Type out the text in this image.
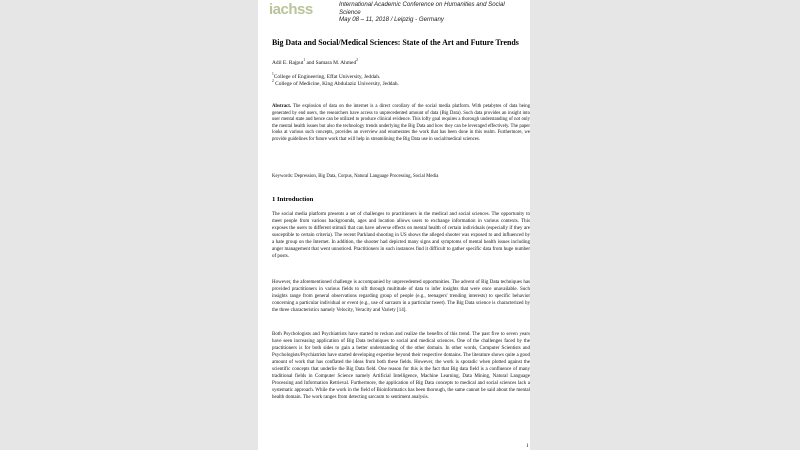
iachss	International Academic Conference on Humanities and Social
Science
May 08 – 11, 2018 / Leipzig - Germany
Big Data and Social/Medical Sciences: State of the Art and Future Trends
Adil E. Rajput$^1$ and Samara M. Ahmed$^2$
$^1$College of Engineering, Effat University, Jeddah.
$^2$ College of Medicine, King Abdulaziz University, Jeddah.
Abstract. The explosion of data on the internet is a direct corollary of the social media platform. With petabytes of data being generated by end users, the researchers have access to unprecedented amount of data (Big Data). Such data provides an insight into user mental state and hence can be utilized to produce clinical evidence. This lofty goal requires a thorough understanding of not only the mental health issues but also the technology trends underlying the Big Data and how they can be leveraged effectively. The paper looks at various such concepts, provides an overview and enumerates the work that has been done in this realm. Furthermore, we provide guidelines for future work that will help in streamlining the Big Data use in social/medical sciences.
Keywords: Depression, Big Data, Corpus, Natural Language Processing, Social Media
1 Introduction
The social media platform presents a set of challenges to practitioners in the medical and social sciences. The opportunity to meet people from various backgrounds, ages and location allows users to exchange information in various contexts. This exposes the users to different stimuli that can have adverse effects on mental health of certain individuals (especially if they are susceptible to certain criteria). The recent Parkland shooting in US shows the alleged shooter was exposed to and influenced by a hate group on the Internet. In addition, the shooter had depicted many signs and symptoms of mental health issues including anger management that went unnoticed. Practitioners in such instances find it difficult to gather specific data from huge number of posts.
However, the aforementioned challenge is accompanied by unprecedented opportunities. The advent of Big Data techniques has provided practitioners in various fields to sift through multitude of data to infer insights that were once unavailable. Such insights range from general observations regarding group of people (e.g., teenagers' trending interests) to specific behavior concerning a particular individual or event (e.g., use of sarcasm in a particular tweet). The Big Data science is characterized by the three characteristics namely Velocity, Veracity and Variety [14].
Both Psychologists and Psychiatrists have started to reckon and realize the benefits of this trend. The past five to seven years have seen increasing application of Big Data techniques to social and medical sciences. One of the challenges faced by the practitioners is for both sides to gain a better understanding of the other domain. In other words, Computer Scientists and Psychologists/Psychiatrists have started developing expertise beyond their respective domains. The literature shows quite a good amount of work that has conflated the ideas from both these fields. However, the work is sporadic when plotted against the scientific concepts that underlie the Big Data field. One reason for this is the fact that Big data field is a confluence of many traditional fields in Computer Science namely Artificial Intelligence, Machine Learning, Data Mining, Natural Language Processing and Information Retrieval. Furthermore, the application of Big Data concepts to medical and social sciences lack a systematic approach. While the work in the field of Bioinformatics has been thorough, the same cannot be said about the mental health domain. The work ranges from detecting sarcasm to sentiment analysis.
1
